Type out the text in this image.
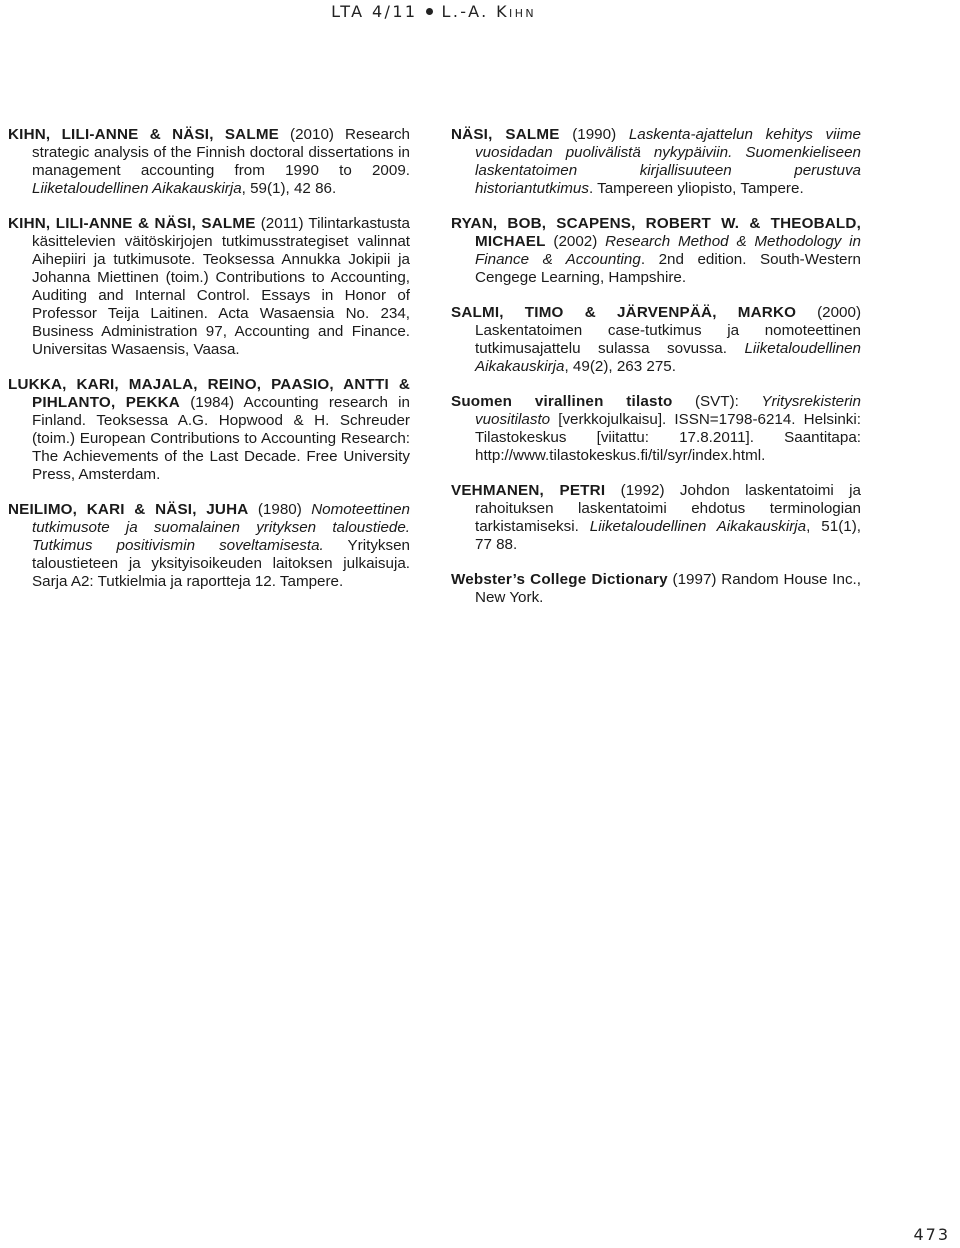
LTA 4/11 L.-A. Kihn

KIHN, LILI-ANNE & NÄSI, SALME (2010) Research strategic analysis of the Finnish doctoral dissertations in management accounting from 1990 to 2009. Liiketaloudellinen Aikakauskirja, 59(1), 42 86.

KIHN, LILI-ANNE & NÄSI, SALME (2011) Tilintarkastusta käsittelevien väitöskirjojen tutkimusstrategiset valinnat Aihepiiri ja tutkimusote. Teoksessa Annukka Jokipii ja Johanna Miettinen (toim.) Contributions to Accounting, Auditing and Internal Control. Essays in Honor of Professor Teija Laitinen. Acta Wasaensia No. 234, Business Administration 97, Accounting and Finance. Universitas Wasaensis, Vaasa.

LUKKA, KARI, MAJALA, REINO, PAASIO, ANTTI & PIHLANTO, PEKKA (1984) Accounting research in Finland. Teoksessa A.G. Hopwood & H. Schreuder (toim.) European Contributions to Accounting Research: The Achievements of the Last Decade. Free University Press, Amsterdam.

NEILIMO, KARI & NÄSI, JUHA (1980) Nomoteettinen tutkimusote ja suomalainen yrityksen taloustiede. Tutkimus positivismin soveltamisesta. Yrityksen taloustieteen ja yksityisoikeuden laitoksen julkaisuja. Sarja A2: Tutkielmia ja raportteja 12. Tampere.

NÄSI, SALME (1990) Laskenta-ajattelun kehitys viime vuosidadan puolivälistä nykypäiviin. Suomenkieliseen laskentatoimen kirjallisuuteen perustuva historiantutkimus. Tampereen yliopisto, Tampere.

RYAN, BOB, SCAPENS, ROBERT W. & THEOBALD, MICHAEL (2002) Research Method & Methodology in Finance & Accounting. 2nd edition. South-Western Cengege Learning, Hampshire.

SALMI, TIMO & JÄRVENPÄÄ, MARKO (2000) Laskentatoimen case-tutkimus ja nomoteettinen tutkimusajattelu sulassa sovussa. Liiketaloudellinen Aikakauskirja, 49(2), 263 275.

Suomen virallinen tilasto (SVT): Yritysrekisterin vuositilasto [verkkojulkaisu]. ISSN=1798-6214. Helsinki: Tilastokeskus [viitattu: 17.8.2011]. Saantitapa: http://www.tilastokeskus.fi/til/syr/index.html.

VEHMANEN, PETRI (1992) Johdon laskentatoimi ja rahoituksen laskentatoimi ehdotus terminologian tarkistamiseksi. Liiketaloudellinen Aikakauskirja, 51(1), 77 88.

Webster’s College Dictionary (1997) Random House Inc., New York.

473
